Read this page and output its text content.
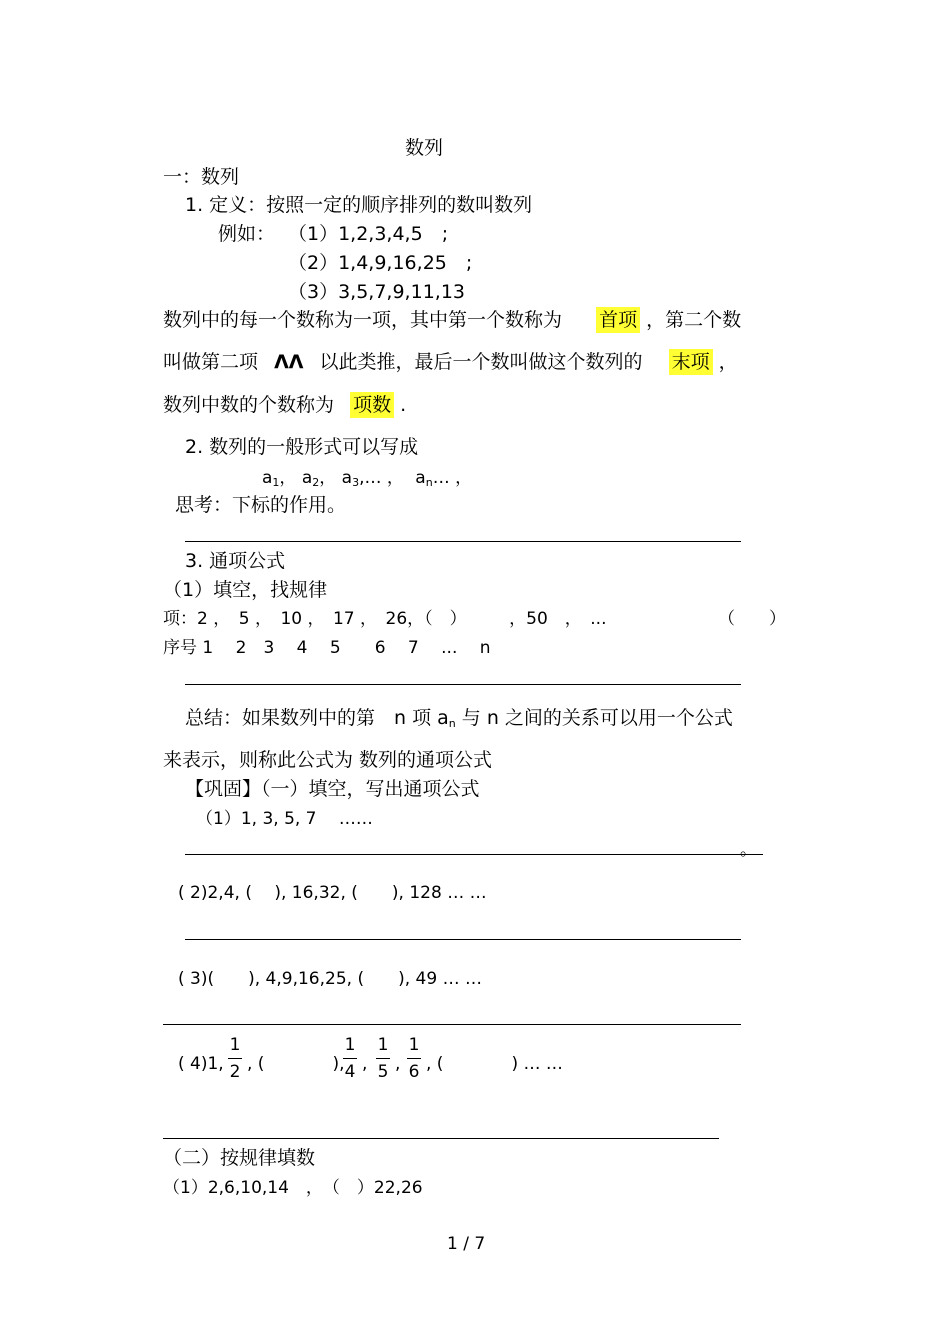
数列
一：数列
1. 定义：按照一定的顺序排列的数叫数列
例如： （1）1,2,3,4,5　;
（2）1,4,9,16,25　;
（3）3,5,7,9,11,13
数列中的每一个数称为一项，其中第一个数称为 首项 ，第二个数
叫做第二项 ΛΛ 以此类推，最后一个数叫做这个数列的 末项 ，
数列中数的个数称为 项数 .
2. 数列的一般形式可以写成
$a_1$， $a_2$， $a_3,\dots$ ， $a_n\dots$ ，
思考：下标的作用。
3. 通项公式
（1）填空，找规律
项：2 ，　5 ，　10 ，　17 ，　26，（　）　　　，50　，　...	（　　）
序号 1　 2　3　 4　 5　　6　 7　 ...　 n
总结：如果数列中的第　n 项 $a_n$ 与 n 之间的关系可以用一个公式
来表示，则称此公式为 数列的通项公式
【巩固】（一）填空，写出通项公式
（1）1, 3, 5, 7　 ……
。
( 2)2,4, (　 ), 16,32, (　　), 128 … …
( 3)(　　), 4,9,16,25, (　　), 49 … …
( 4)1,
1
2 , (　　　　),
1
4 ,
1
5 ,
1
6 , (　　　　) … …
（二）按规律填数
（1）2,6,10,14　，　（　）22,26
1 / 7
